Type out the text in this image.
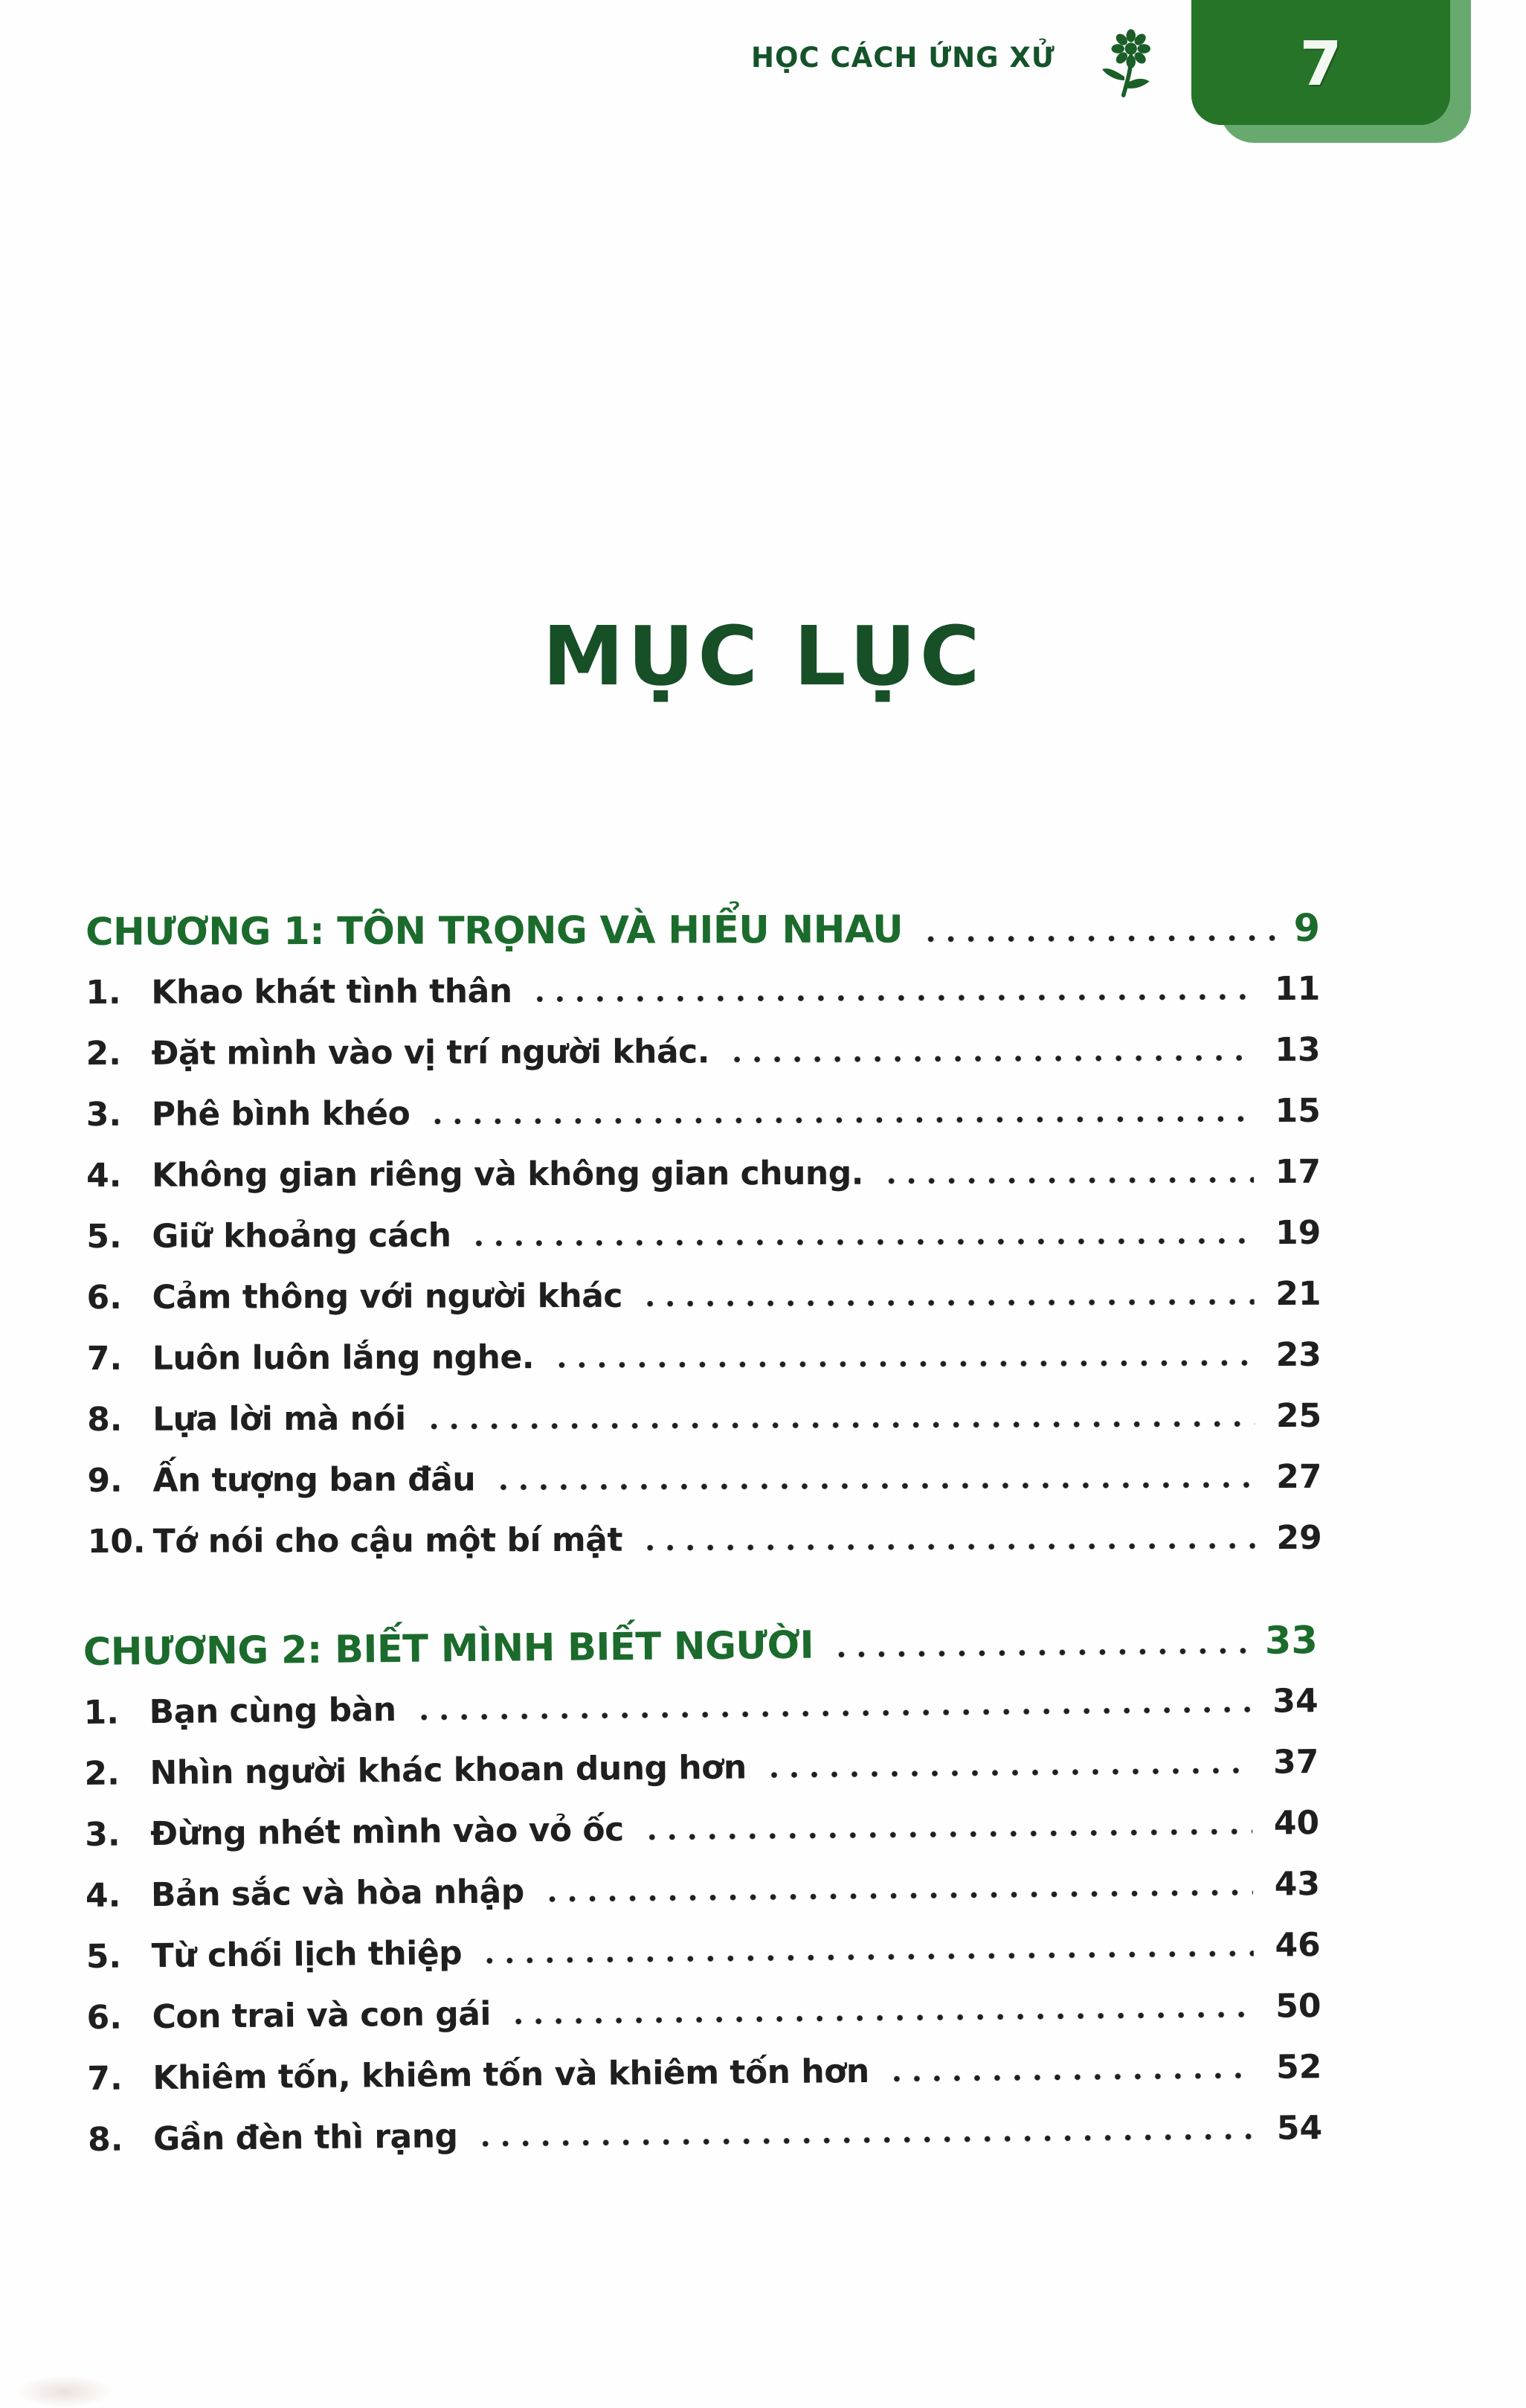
HỌC CÁCH ỨNG XỬ	7
MỤC LỤC
CHƯƠNG 1: TÔN TRỌNG VÀ HIỂU NHAU	9
1. Khao khát tình thân	11
2. Đặt mình vào vị trí người khác.	13
3. Phê bình khéo	15
4. Không gian riêng và không gian chung.	17
5. Giữ khoảng cách	19
6. Cảm thông với người khác	21
7. Luôn luôn lắng nghe.	23
8. Lựa lời mà nói	25
9. Ấn tượng ban đầu	27
10. Tớ nói cho cậu một bí mật	29
CHƯƠNG 2: BIẾT MÌNH BIẾT NGƯỜI	33
1. Bạn cùng bàn	34
2. Nhìn người khác khoan dung hơn	37
3. Đừng nhét mình vào vỏ ốc	40
4. Bản sắc và hòa nhập	43
5. Từ chối lịch thiệp	46
6. Con trai và con gái	50
7. Khiêm tốn, khiêm tốn và khiêm tốn hơn	52
8. Gần đèn thì rạng	54
